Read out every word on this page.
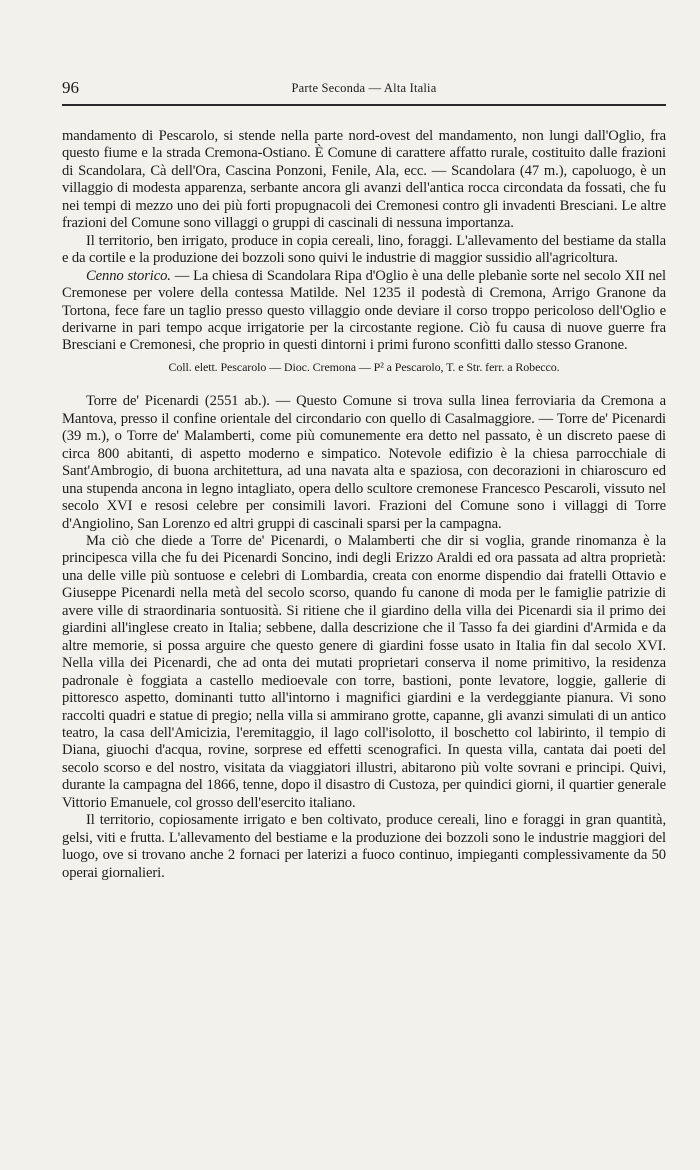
96	Parte Seconda — Alta Italia

mandamento di Pescarolo, si stende nella parte nord-ovest del mandamento, non lungi dall'Oglio, fra questo fiume e la strada Cremona-Ostiano. È Comune di carattere affatto rurale, costituito dalle frazioni di Scandolara, Cà dell'Ora, Cascina Ponzoni, Fenile, Ala, ecc. — Scandolara (47 m.), capoluogo, è un villaggio di modesta apparenza, serbante ancora gli avanzi dell'antica rocca circondata da fossati, che fu nei tempi di mezzo uno dei più forti propugnacoli dei Cremonesi contro gli invadenti Bresciani. Le altre frazioni del Comune sono villaggi o gruppi di cascinali di nessuna importanza.

Il territorio, ben irrigato, produce in copia cereali, lino, foraggi. L'allevamento del bestiame da stalla e da cortile e la produzione dei bozzoli sono quivi le industrie di maggior sussidio all'agricoltura.

Cenno storico. — La chiesa di Scandolara Ripa d'Oglio è una delle plebanìe sorte nel secolo XII nel Cremonese per volere della contessa Matilde. Nel 1235 il podestà di Cremona, Arrigo Granone da Tortona, fece fare un taglio presso questo villaggio onde deviare il corso troppo pericoloso dell'Oglio e derivarne in pari tempo acque irrigatorie per la circostante regione. Ciò fu causa di nuove guerre fra Bresciani e Cremonesi, che proprio in questi dintorni i primi furono sconfitti dallo stesso Granone.

Coll. elett. Pescarolo — Dioc. Cremona — P² a Pescarolo, T. e Str. ferr. a Robecco.

Torre de' Picenardi (2551 ab.). — Questo Comune si trova sulla linea ferroviaria da Cremona a Mantova, presso il confine orientale del circondario con quello di Casalmaggiore. — Torre de' Picenardi (39 m.), o Torre de' Malamberti, come più comunemente era detto nel passato, è un discreto paese di circa 800 abitanti, di aspetto moderno e simpatico. Notevole edifizio è la chiesa parrocchiale di Sant'Ambrogio, di buona architettura, ad una navata alta e spaziosa, con decorazioni in chiaroscuro ed una stupenda ancona in legno intagliato, opera dello scultore cremonese Francesco Pescaroli, vissuto nel secolo XVI e resosi celebre per consimili lavori. Frazioni del Comune sono i villaggi di Torre d'Angiolino, San Lorenzo ed altri gruppi di cascinali sparsi per la campagna.

Ma ciò che diede a Torre de' Picenardi, o Malamberti che dir si voglia, grande rinomanza è la principesca villa che fu dei Picenardi Soncino, indi degli Erizzo Araldi ed ora passata ad altra proprietà: una delle ville più sontuose e celebri di Lombardia, creata con enorme dispendio dai fratelli Ottavio e Giuseppe Picenardi nella metà del secolo scorso, quando fu canone di moda per le famiglie patrizie di avere ville di straordinaria sontuosità. Si ritiene che il giardino della villa dei Picenardi sia il primo dei giardini all'inglese creato in Italia; sebbene, dalla descrizione che il Tasso fa dei giardini d'Armida e da altre memorie, si possa arguire che questo genere di giardini fosse usato in Italia fin dal secolo XVI. Nella villa dei Picenardi, che ad onta dei mutati proprietari conserva il nome primitivo, la residenza padronale è foggiata a castello medioevale con torre, bastioni, ponte levatore, loggie, gallerie di pittoresco aspetto, dominanti tutto all'intorno i magnifici giardini e la verdeggiante pianura. Vi sono raccolti quadri e statue di pregio; nella villa si ammirano grotte, capanne, gli avanzi simulati di un antico teatro, la casa dell'Amicizia, l'eremitaggio, il lago coll'isolotto, il boschetto col labirinto, il tempio di Diana, giuochi d'acqua, rovine, sorprese ed effetti scenografici. In questa villa, cantata dai poeti del secolo scorso e del nostro, visitata da viaggiatori illustri, abitarono più volte sovrani e principi. Quivi, durante la campagna del 1866, tenne, dopo il disastro di Custoza, per quindici giorni, il quartier generale Vittorio Emanuele, col grosso dell'esercito italiano.

Il territorio, copiosamente irrigato e ben coltivato, produce cereali, lino e foraggi in gran quantità, gelsi, viti e frutta. L'allevamento del bestiame e la produzione dei bozzoli sono le industrie maggiori del luogo, ove si trovano anche 2 fornaci per laterizi a fuoco continuo, impieganti complessivamente da 50 operai giornalieri.
